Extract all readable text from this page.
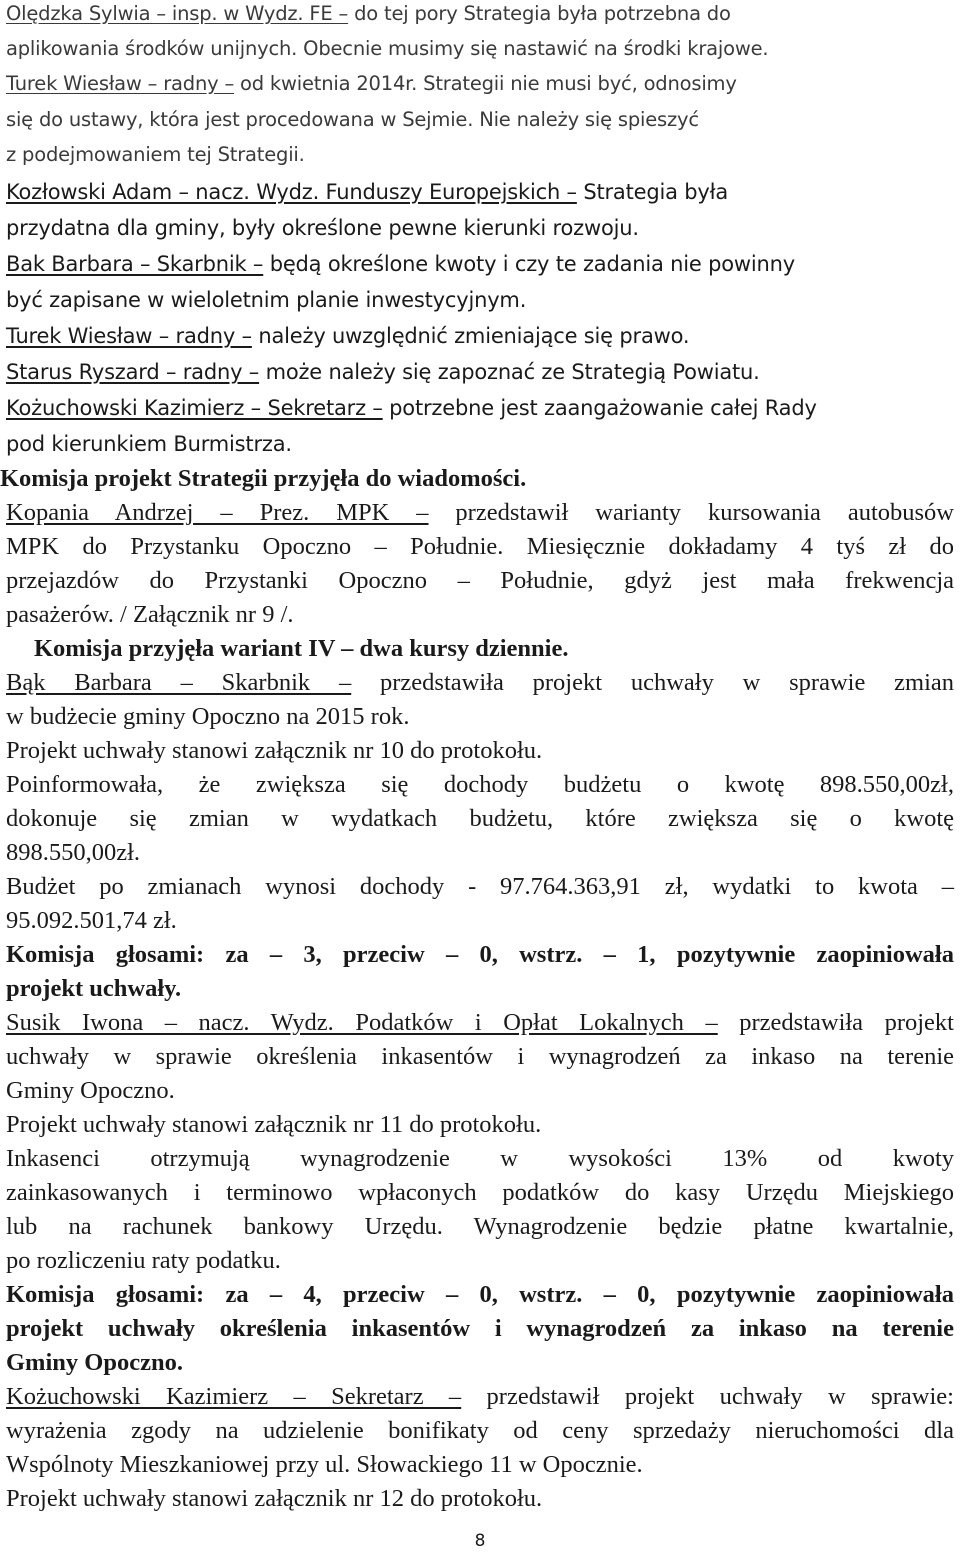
Olędzka Sylwia – insp. w Wydz. FE – do tej pory Strategia była potrzebna do

aplikowania środków unijnych. Obecnie musimy się nastawić na środki krajowe.

Turek Wiesław – radny – od kwietnia 2014r. Strategii nie musi być, odnosimy

się do ustawy, która jest procedowana w Sejmie. Nie należy się spieszyć

z podejmowaniem tej Strategii.

Kozłowski Adam – nacz. Wydz. Funduszy Europejskich – Strategia była

przydatna dla gminy, były określone pewne kierunki rozwoju.

Bak Barbara – Skarbnik – będą określone kwoty i czy te zadania nie powinny

być zapisane w wieloletnim planie inwestycyjnym.

Turek Wiesław – radny – należy uwzględnić zmieniające się prawo.

Starus Ryszard – radny – może należy się zapoznać ze Strategią Powiatu.

Kożuchowski Kazimierz – Sekretarz – potrzebne jest zaangażowanie całej Rady

pod kierunkiem Burmistrza.

Komisja projekt Strategii przyjęła do wiadomości.

Kopania Andrzej – Prez. MPK – przedstawił warianty kursowania autobusów

MPK do Przystanku Opoczno – Południe. Miesięcznie dokładamy 4 tyś zł do

przejazdów do Przystanki Opoczno – Południe, gdyż jest mała frekwencja

pasażerów. / Załącznik nr 9 /.

Komisja przyjęła wariant IV – dwa kursy dziennie.

Bąk Barbara – Skarbnik – przedstawiła projekt uchwały w sprawie zmian

w budżecie gminy Opoczno na 2015 rok.

Projekt uchwały stanowi załącznik nr 10 do protokołu.

Poinformowała, że zwiększa się dochody budżetu o kwotę 898.550,00zł,

dokonuje się zmian w wydatkach budżetu, które zwiększa się o kwotę

898.550,00zł.

Budżet po zmianach wynosi dochody - 97.764.363,91 zł, wydatki to kwota –

95.092.501,74 zł.

Komisja głosami: za – 3, przeciw – 0, wstrz. – 1, pozytywnie zaopiniowała

projekt uchwały.

Susik Iwona – nacz. Wydz. Podatków i Opłat Lokalnych – przedstawiła projekt

uchwały w sprawie określenia inkasentów i wynagrodzeń za inkaso na terenie

Gminy Opoczno.

Projekt uchwały stanowi załącznik nr 11 do protokołu.

Inkasenci otrzymują wynagrodzenie w wysokości 13% od kwoty

zainkasowanych i terminowo wpłaconych podatków do kasy Urzędu Miejskiego

lub na rachunek bankowy Urzędu. Wynagrodzenie będzie płatne kwartalnie,

po rozliczeniu raty podatku.

Komisja głosami: za – 4, przeciw – 0, wstrz. – 0, pozytywnie zaopiniowała

projekt uchwały określenia inkasentów i wynagrodzeń za inkaso na terenie

Gminy Opoczno.

Kożuchowski Kazimierz – Sekretarz – przedstawił projekt uchwały w sprawie:

wyrażenia zgody na udzielenie bonifikaty od ceny sprzedaży nieruchomości dla

Wspólnoty Mieszkaniowej przy ul. Słowackiego 11 w Opocznie.

Projekt uchwały stanowi załącznik nr 12 do protokołu.

8
